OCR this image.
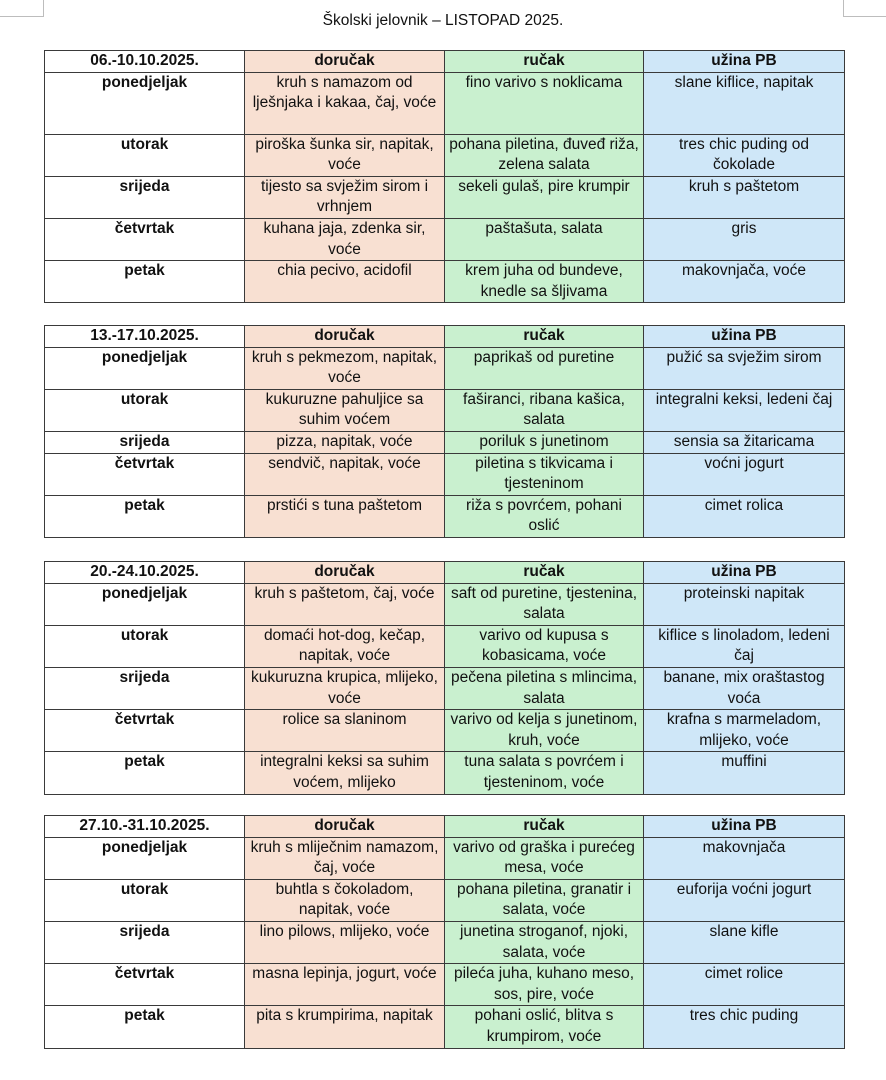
Školski jelovnik – LISTOPAD 2025.
06.-10.10.2025.	doručak	ručak	užina PB
ponedjeljak	kruh s namazom od lješnjaka i kakaa, čaj, voće	fino varivo s noklicama	slane kiflice, napitak
utorak	piroška šunka sir, napitak, voće	pohana piletina, đuveđ riža, zelena salata	tres chic puding od čokolade
srijeda	tijesto sa svježim sirom i vrhnjem	sekeli gulaš, pire krumpir	kruh s paštetom
četvrtak	kuhana jaja, zdenka sir, voće	paštašuta, salata	gris
petak	chia pecivo, acidofil	krem juha od bundeve, knedle sa šljivama	makovnjača, voće
13.-17.10.2025.	doručak	ručak	užina PB
ponedjeljak	kruh s pekmezom, napitak, voće	paprikaš od puretine	pužić sa svježim sirom
utorak	kukuruzne pahuljice sa suhim voćem	faširanci, ribana kašica, salata	integralni keksi, ledeni čaj
srijeda	pizza, napitak, voće	poriluk s junetinom	sensia sa žitaricama
četvrtak	sendvič, napitak, voće	piletina s tikvicama i tjesteninom	voćni jogurt
petak	prstići s tuna paštetom	riža s povrćem, pohani oslić	cimet rolica
20.-24.10.2025.	doručak	ručak	užina PB
ponedjeljak	kruh s paštetom, čaj, voće	saft od puretine, tjestenina, salata	proteinski napitak
utorak	domaći hot-dog, kečap, napitak, voće	varivo od kupusa s kobasicama, voće	kiflice s linoladom, ledeni čaj
srijeda	kukuruzna krupica, mlijeko, voće	pečena piletina s mlincima, salata	banane, mix oraštastog voća
četvrtak	rolice sa slaninom	varivo od kelja s junetinom, kruh, voće	krafna s marmeladom, mlijeko, voće
petak	integralni keksi sa suhim voćem, mlijeko	tuna salata s povrćem i tjesteninom, voće	muffini
27.10.-31.10.2025.	doručak	ručak	užina PB
ponedjeljak	kruh s mliječnim namazom, čaj, voće	varivo od graška i purećeg mesa, voće	makovnjača
utorak	buhtla s čokoladom, napitak, voće	pohana piletina, granatir i salata, voće	euforija voćni jogurt
srijeda	lino pilows, mlijeko, voće	junetina stroganof, njoki, salata, voće	slane kifle
četvrtak	masna lepinja, jogurt, voće	pileća juha, kuhano meso, sos, pire, voće	cimet rolice
petak	pita s krumpirima, napitak	pohani oslić, blitva s krumpirom, voće	tres chic puding
